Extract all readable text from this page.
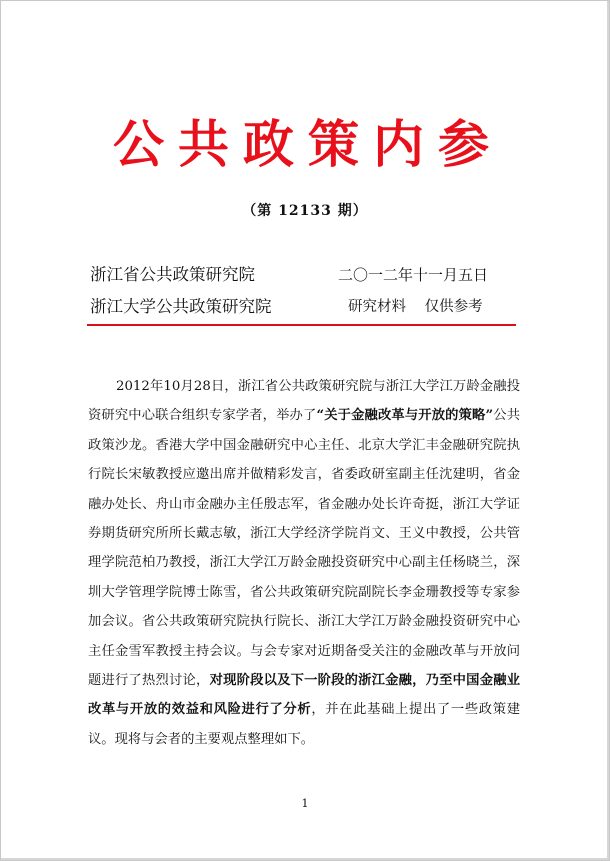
公共政策内参
（第 12133 期）
浙江省公共政策研究院	二〇一二年十一月五日
浙江大学公共政策研究院	研究材料 仅供参考

2012年10月28日，浙江省公共政策研究院与浙江大学江万龄金融投资研究中心联合组织专家学者，举办了“关于金融改革与开放的策略”公共政策沙龙。香港大学中国金融研究中心主任、北京大学汇丰金融研究院执行院长宋敏教授应邀出席并做精彩发言，省委政研室副主任沈建明，省金融办处长、舟山市金融办主任殷志军，省金融办处长许奇挺，浙江大学证券期货研究所所长戴志敏，浙江大学经济学院肖文、王义中教授，公共管理学院范柏乃教授，浙江大学江万龄金融投资研究中心副主任杨晓兰，深圳大学管理学院博士陈雪，省公共政策研究院副院长李金珊教授等专家参加会议。省公共政策研究院执行院长、浙江大学江万龄金融投资研究中心主任金雪军教授主持会议。与会专家对近期备受关注的金融改革与开放问题进行了热烈讨论，对现阶段以及下一阶段的浙江金融，乃至中国金融业改革与开放的效益和风险进行了分析，并在此基础上提出了一些政策建议。现将与会者的主要观点整理如下。

1
